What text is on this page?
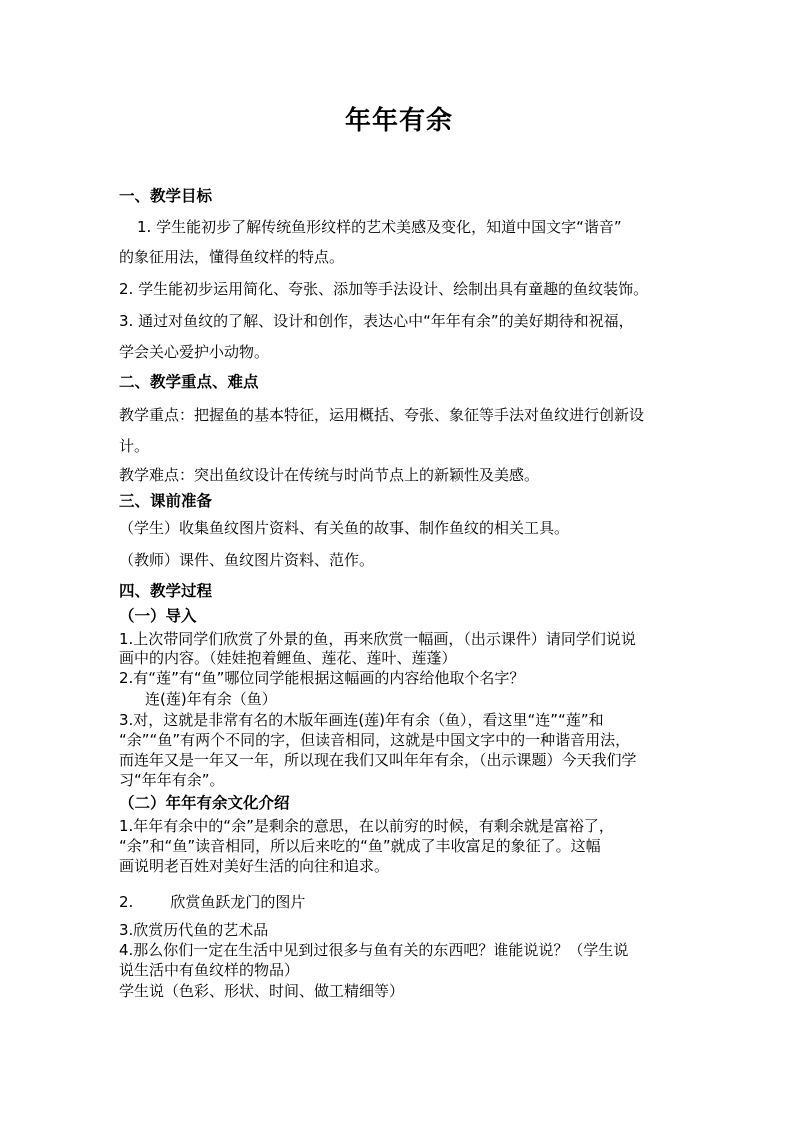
年年有余
一、教学目标
1. 学生能初步了解传统鱼形纹样的艺术美感及变化，知道中国文字“谐音”
的象征用法，懂得鱼纹样的特点。
2. 学生能初步运用简化、夸张、添加等手法设计、绘制出具有童趣的鱼纹装饰。
3. 通过对鱼纹的了解、设计和创作，表达心中“年年有余”的美好期待和祝福，
学会关心爱护小动物。
二、教学重点、难点
教学重点：把握鱼的基本特征，运用概括、夸张、象征等手法对鱼纹进行创新设
计。
教学难点：突出鱼纹设计在传统与时尚节点上的新颖性及美感。
三、课前准备
（学生）收集鱼纹图片资料、有关鱼的故事、制作鱼纹的相关工具。
（教师）课件、鱼纹图片资料、范作。
四、教学过程
（一）导入
1.上次带同学们欣赏了外景的鱼，再来欣赏一幅画，（出示课件）请同学们说说
画中的内容。（娃娃抱着鲤鱼、莲花、莲叶、莲蓬）
2.有“莲”有“鱼”哪位同学能根据这幅画的内容给他取个名字？
连(莲)年有余（鱼）
3.对，这就是非常有名的木版年画连(莲)年有余（鱼），看这里“连”“莲”和
“余”“鱼”有两个不同的字，但读音相同，这就是中国文字中的一种谐音用法，
而连年又是一年又一年，所以现在我们又叫年年有余，（出示课题）今天我们学
习“年年有余”。
（二）年年有余文化介绍
1.年年有余中的“余”是剩余的意思，在以前穷的时候，有剩余就是富裕了，
“余”和“鱼”读音相同，所以后来吃的“鱼”就成了丰收富足的象征了。这幅
画说明老百姓对美好生活的向往和追求。
2. 欣赏鱼跃龙门的图片
3.欣赏历代鱼的艺术品
4.那么你们一定在生活中见到过很多与鱼有关的东西吧？谁能说说？（学生说
说生活中有鱼纹样的物品）
学生说（色彩、形状、时间、做工精细等）
